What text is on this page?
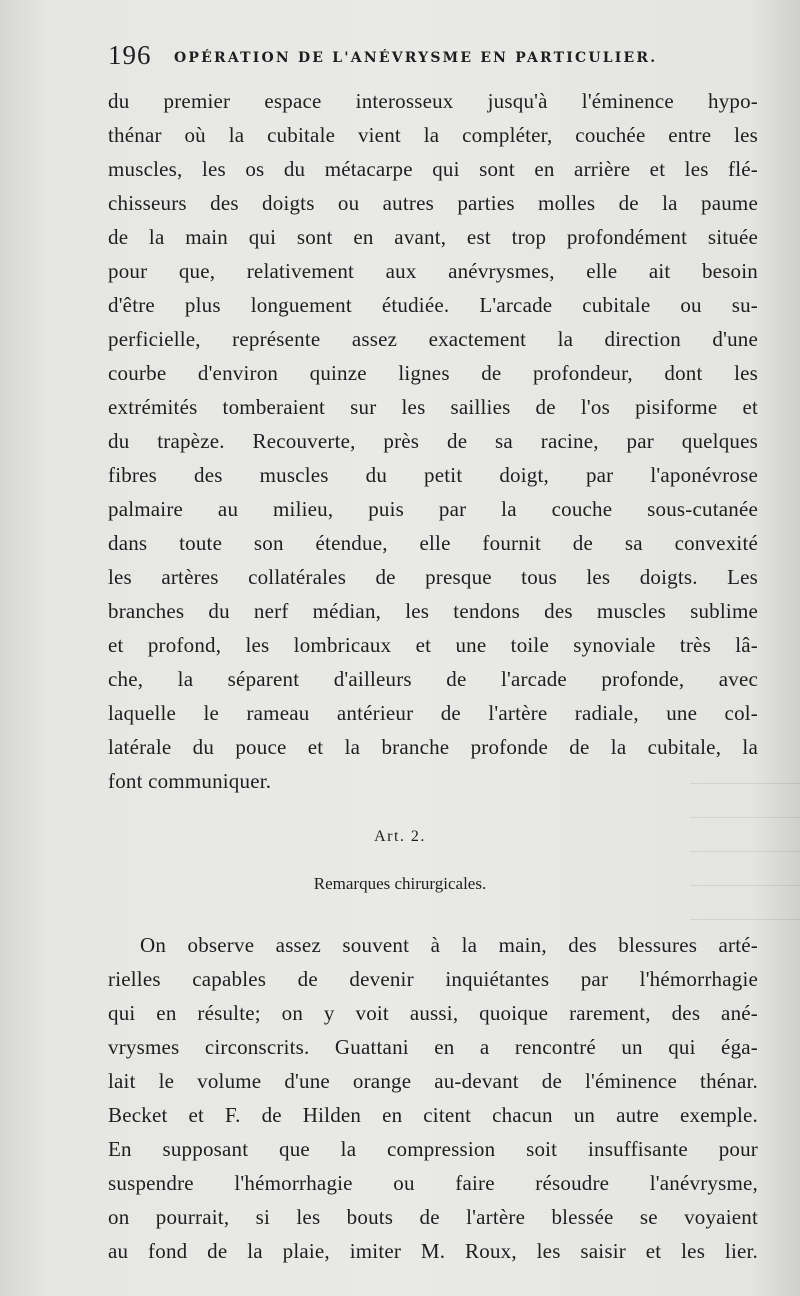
196 OPÉRATION DE L'ANÉVRYSME EN PARTICULIER.
du premier espace interosseux jusqu'à l'éminence hypo-
thénar où la cubitale vient la compléter, couchée entre les
muscles, les os du métacarpe qui sont en arrière et les flé-
chisseurs des doigts ou autres parties molles de la paume
de la main qui sont en avant, est trop profondément située
pour que, relativement aux anévrysmes, elle ait besoin
d'être plus longuement étudiée. L'arcade cubitale ou su-
perficielle, représente assez exactement la direction d'une
courbe d'environ quinze lignes de profondeur, dont les
extrémités tomberaient sur les saillies de l'os pisiforme et
du trapèze. Recouverte, près de sa racine, par quelques
fibres des muscles du petit doigt, par l'aponévrose
palmaire au milieu, puis par la couche sous-cutanée
dans toute son étendue, elle fournit de sa convexité
les artères collatérales de presque tous les doigts. Les
branches du nerf médian, les tendons des muscles sublime
et profond, les lombricaux et une toile synoviale très lâ-
che, la séparent d'ailleurs de l'arcade profonde, avec
laquelle le rameau antérieur de l'artère radiale, une col-
latérale du pouce et la branche profonde de la cubitale, la
font communiquer.
Art. 2.
Remarques chirurgicales.
On observe assez souvent à la main, des blessures arté-
rielles capables de devenir inquiétantes par l'hémorrhagie
qui en résulte; on y voit aussi, quoique rarement, des ané-
vrysmes circonscrits. Guattani en a rencontré un qui éga-
lait le volume d'une orange au-devant de l'éminence thénar.
Becket et F. de Hilden en citent chacun un autre exemple.
En supposant que la compression soit insuffisante pour
suspendre l'hémorrhagie ou faire résoudre l'anévrysme,
on pourrait, si les bouts de l'artère blessée se voyaient
au fond de la plaie, imiter M. Roux, les saisir et les lier.
